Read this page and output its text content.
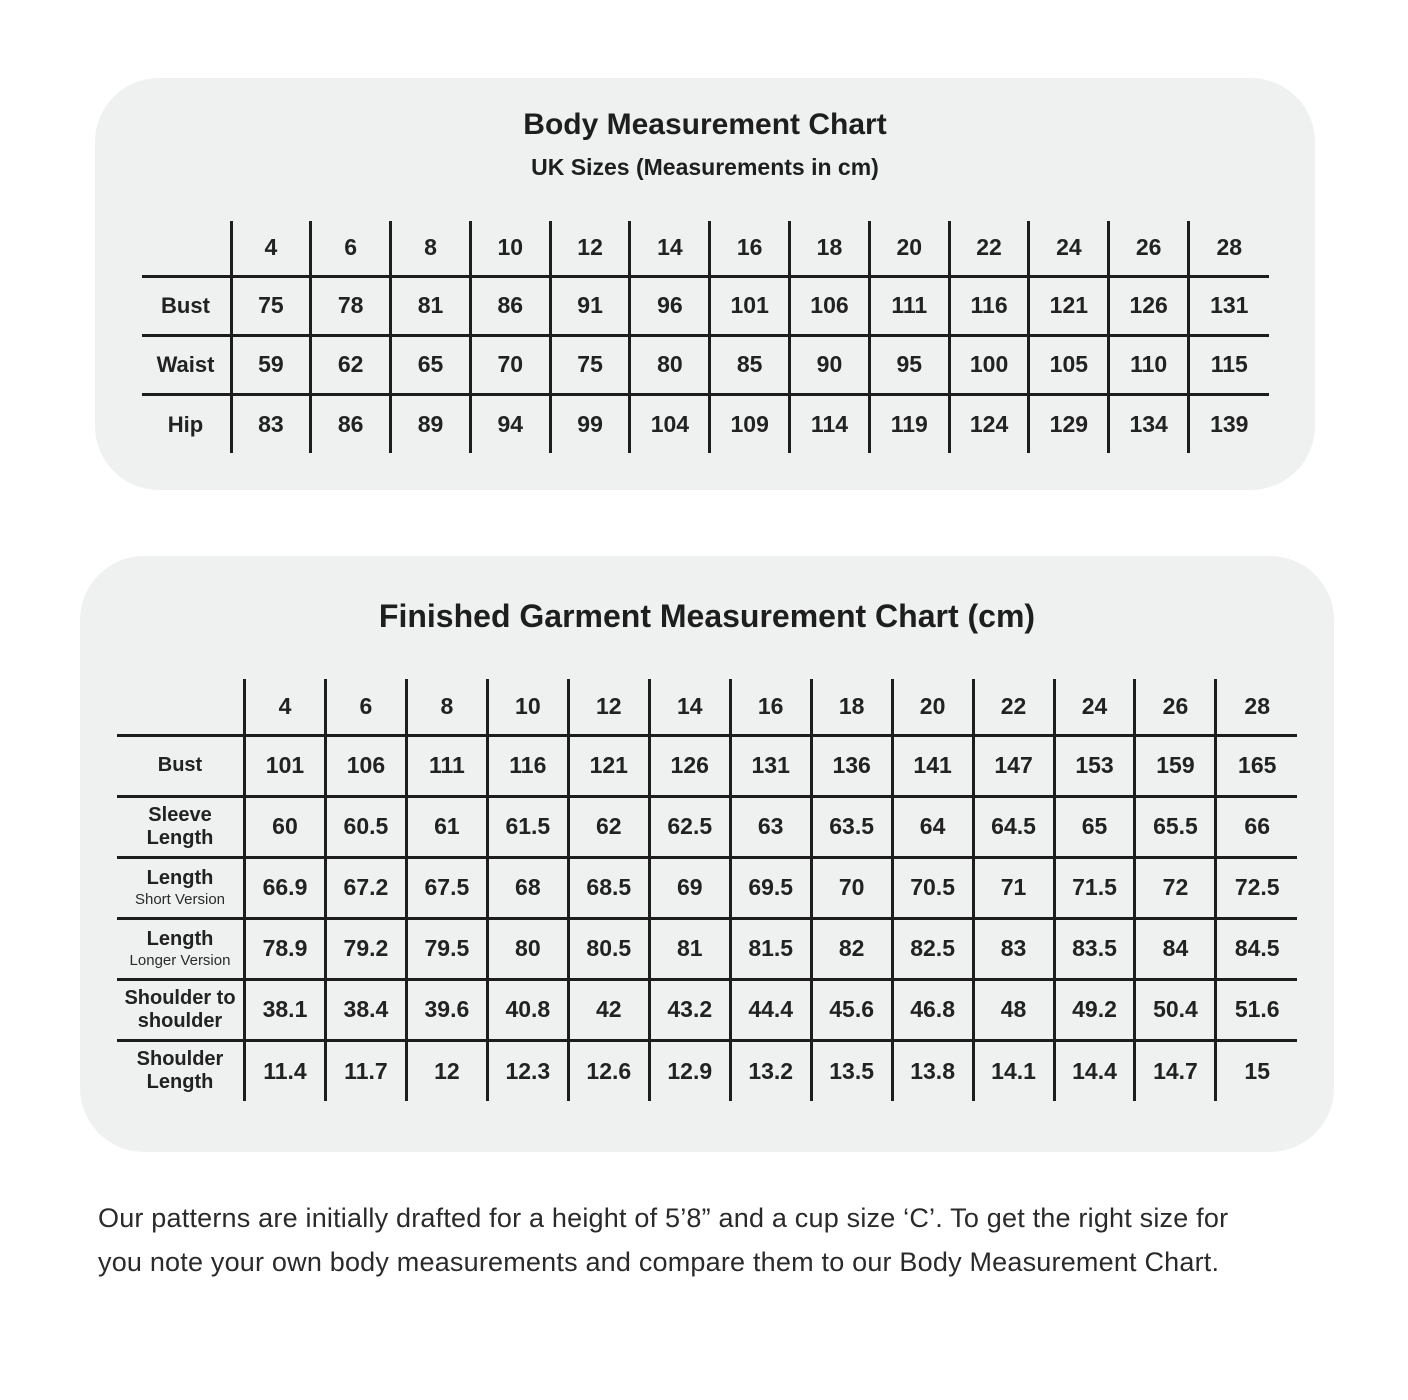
Body Measurement Chart
UK Sizes (Measurements in cm)
	4	6	8	10	12	14	16	18	20	22	24	26	28

Bust	75	78	81	86	91	96	101	106	111	116	121	126	131

Waist	59	62	65	70	75	80	85	90	95	100	105	110	115

Hip	83	86	89	94	99	104	109	114	119	124	129	134	139
Finished Garment Measurement Chart (cm)
	4	6	8	10	12	14	16	18	20	22	24	26	28

Bust	101	106	111	116	121	126	131	136	141	147	153	159	165

Sleeve Length	60	60.5	61	61.5	62	62.5	63	63.5	64	64.5	65	65.5	66

Length
Short Version	66.9	67.2	67.5	68	68.5	69	69.5	70	70.5	71	71.5	72	72.5

Length
Longer Version	78.9	79.2	79.5	80	80.5	81	81.5	82	82.5	83	83.5	84	84.5

Shoulder to shoulder	38.1	38.4	39.6	40.8	42	43.2	44.4	45.6	46.8	48	49.2	50.4	51.6

Shoulder Length	11.4	11.7	12	12.3	12.6	12.9	13.2	13.5	13.8	14.1	14.4	14.7	15

Our patterns are initially drafted for a height of 5’8” and a cup size ‘C’. To get the right size for
you note your own body measurements and compare them to our Body Measurement Chart.
